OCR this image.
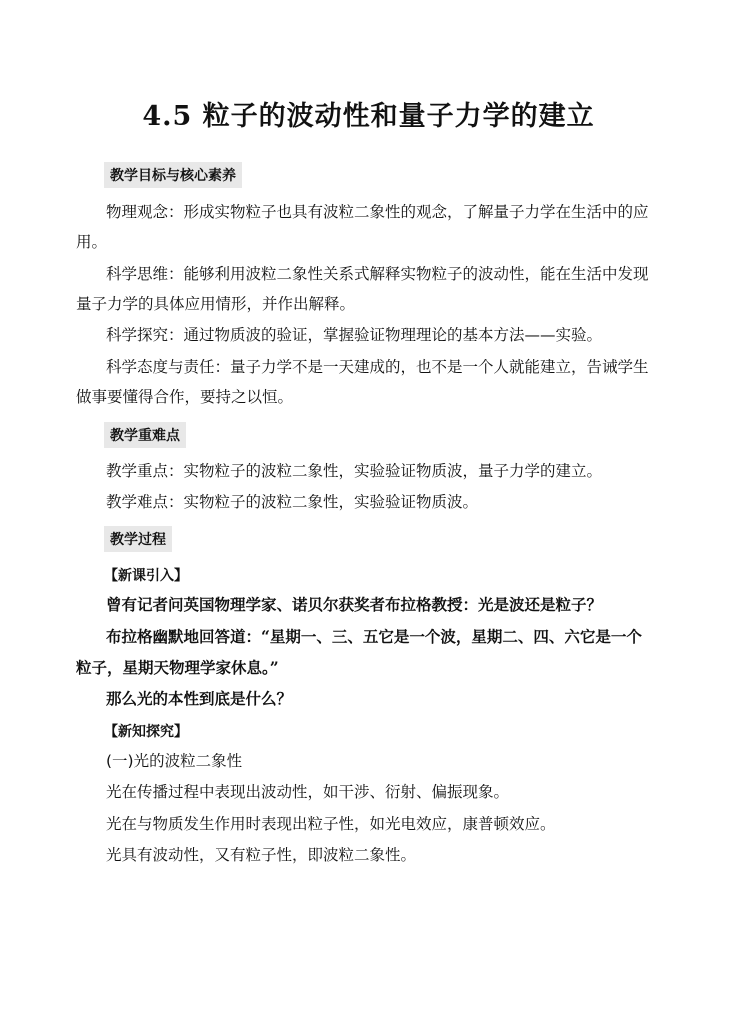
4.5 粒子的波动性和量子力学的建立
教学目标与核心素养
物理观念：形成实物粒子也具有波粒二象性的观念，了解量子力学在生活中的应
用。
科学思维：能够利用波粒二象性关系式解释实物粒子的波动性，能在生活中发现
量子力学的具体应用情形，并作出解释。
科学探究：通过物质波的验证，掌握验证物理理论的基本方法——实验。
科学态度与责任：量子力学不是一天建成的，也不是一个人就能建立，告诫学生
做事要懂得合作，要持之以恒。
教学重难点
教学重点：实物粒子的波粒二象性，实验验证物质波，量子力学的建立。
教学难点：实物粒子的波粒二象性，实验验证物质波。
教学过程
【新课引入】
曾有记者问英国物理学家、诺贝尔获奖者布拉格教授：光是波还是粒子？
布拉格幽默地回答道：“星期一、三、五它是一个波，星期二、四、六它是一个
粒子，星期天物理学家休息。”
那么光的本性到底是什么？
【新知探究】
(一)光的波粒二象性
光在传播过程中表现出波动性，如干涉、衍射、偏振现象。
光在与物质发生作用时表现出粒子性，如光电效应，康普顿效应。
光具有波动性，又有粒子性，即波粒二象性。
